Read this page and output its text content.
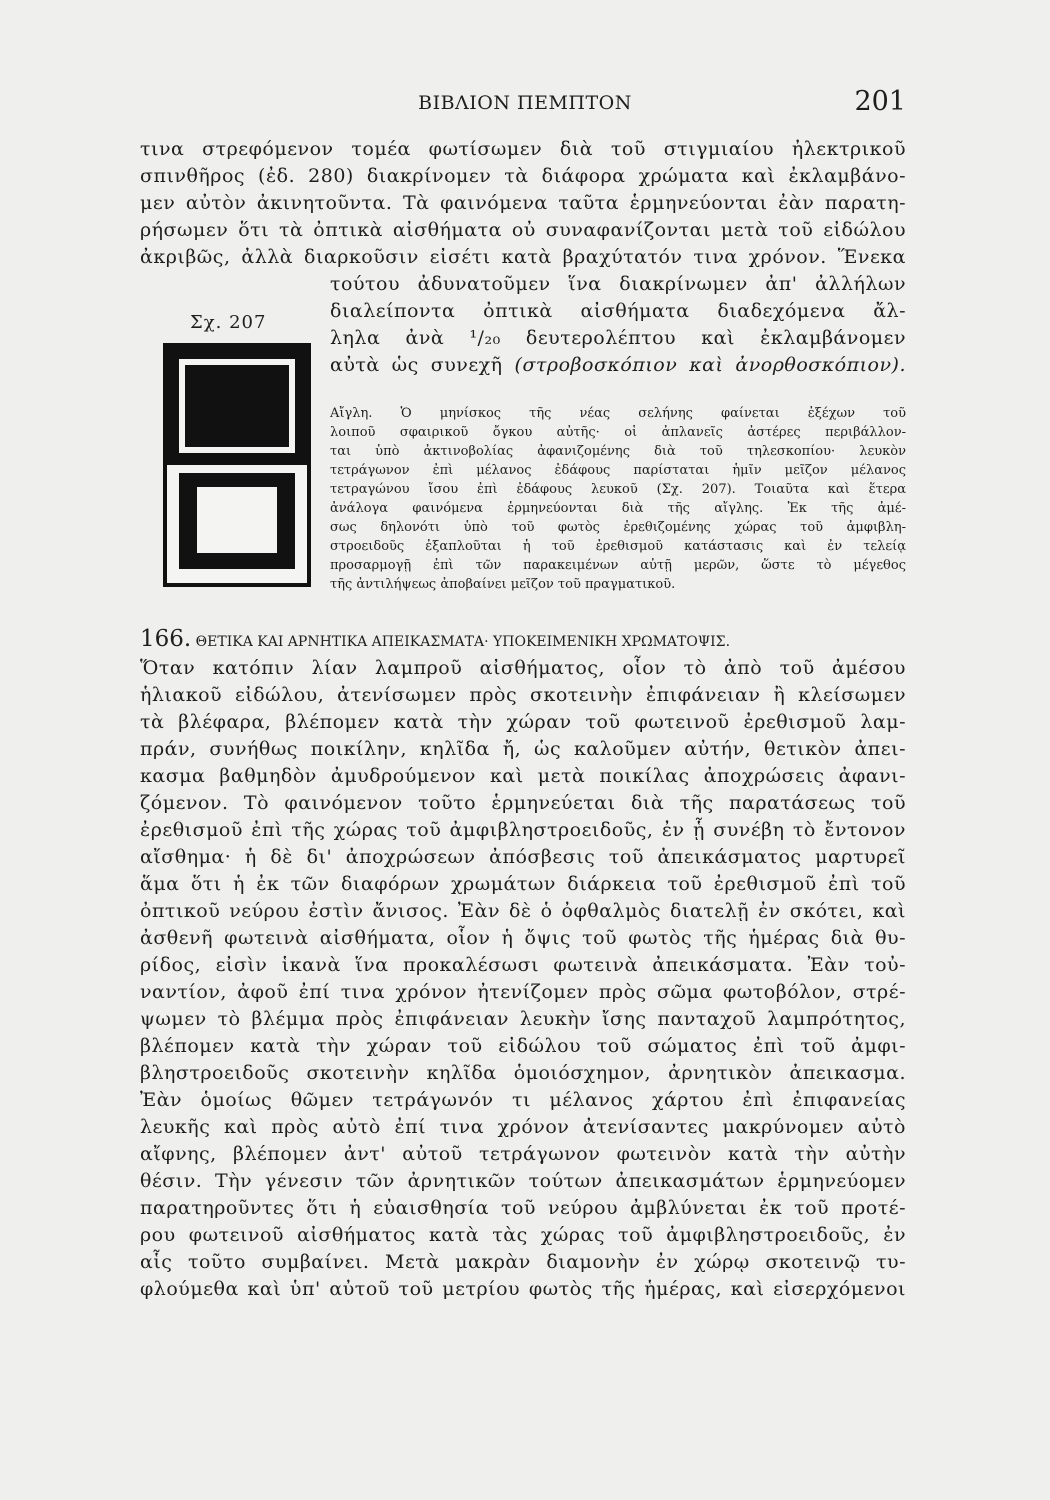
ΒΙΒΛΙΟΝ ΠΕΜΠΤΟΝ	201
τινα στρεφόμενον τομέα φωτίσωμεν διὰ τοῦ στιγμιαίου ἠλεκτρικοῦ
σπινθῆρος (ἐδ. 280) διακρίνομεν τὰ διάφορα χρώματα καὶ ἐκλαμβάνο-
μεν αὐτὸν ἀκινητοῦντα. Τὰ φαινόμενα ταῦτα ἑρμηνεύονται ἐὰν παρατη-
ρήσωμεν ὅτι τὰ ὀπτικὰ αἰσθήματα οὐ συναφανίζονται μετὰ τοῦ εἰδώλου
ἀκριβῶς, ἀλλὰ διαρκοῦσιν εἰσέτι κατὰ βραχύτατόν τινα χρόνον. Ἕνεκα
τούτου ἀδυνατοῦμεν ἵνα διακρίνωμεν ἀπ' ἀλλήλων
διαλείποντα ὀπτικὰ αἰσθήματα διαδεχόμενα ἄλ-
ληλα ἀνὰ ¹/₂₀ δευτερολέπτου καὶ ἐκλαμβάνομεν
αὐτὰ ὡς συνεχῆ (στροβοσκόπιον καὶ ἀνορθοσκόπιον).
Σχ. 207
Αἴγλη. Ὁ μηνίσκος τῆς νέας σελήνης φαίνεται ἐξέχων τοῦ
λοιποῦ σφαιρικοῦ ὄγκου αὐτῆς· οἱ ἀπλανεῖς ἀστέρες περιβάλλον-
ται ὑπὸ ἀκτινοβολίας ἀφανιζομένης διὰ τοῦ τηλεσκοπίου· λευκὸν
τετράγωνον ἐπὶ μέλανος ἐδάφους παρίσταται ἡμῖν μεῖζον μέλανος
τετραγώνου ἴσου ἐπὶ ἐδάφους λευκοῦ (Σχ. 207). Τοιαῦτα καὶ ἕτερα
ἀνάλογα φαινόμενα ἑρμηνεύονται διὰ τῆς αἴγλης. Ἐκ τῆς ἀμέ-
σως δηλονότι ὑπὸ τοῦ φωτὸς ἐρεθιζομένης χώρας τοῦ ἀμφιβλη-
στροειδοῦς ἐξαπλοῦται ἡ τοῦ ἐρεθισμοῦ κατάστασις καὶ ἐν τελείᾳ
προσαρμογῇ ἐπὶ τῶν παρακειμένων αὐτῇ μερῶν, ὥστε τὸ μέγεθος
τῆς ἀντιλήψεως ἀποβαίνει μεῖζον τοῦ πραγματικοῦ.
166. ΘΕΤΙΚΑ ΚΑΙ ΑΡΝΗΤΙΚΑ ΑΠΕΙΚΑΣΜΑΤΑ· ΥΠΟΚΕΙΜΕΝΙΚΗ ΧΡΩΜΑΤΟΨΙΣ.
Ὅταν κατόπιν λίαν λαμπροῦ αἰσθήματος, οἷον τὸ ἀπὸ τοῦ ἀμέσου
ἡλιακοῦ εἰδώλου, ἀτενίσωμεν πρὸς σκοτεινὴν ἐπιφάνειαν ἢ κλείσωμεν
τὰ βλέφαρα, βλέπομεν κατὰ τὴν χώραν τοῦ φωτεινοῦ ἐρεθισμοῦ λαμ-
πράν, συνήθως ποικίλην, κηλῖδα ἤ, ὡς καλοῦμεν αὐτήν, θετικὸν ἀπει-
κασμα βαθμηδὸν ἀμυδρούμενον καὶ μετὰ ποικίλας ἀποχρώσεις ἀφανι-
ζόμενον. Τὸ φαινόμενον τοῦτο ἑρμηνεύεται διὰ τῆς παρατάσεως τοῦ
ἐρεθισμοῦ ἐπὶ τῆς χώρας τοῦ ἀμφιβληστροειδοῦς, ἐν ᾗ συνέβη τὸ ἔντονον
αἴσθημα· ἡ δὲ δι' ἀποχρώσεων ἀπόσβεσις τοῦ ἀπεικάσματος μαρτυρεῖ
ἅμα ὅτι ἡ ἐκ τῶν διαφόρων χρωμάτων διάρκεια τοῦ ἐρεθισμοῦ ἐπὶ τοῦ
ὀπτικοῦ νεύρου ἐστὶν ἄνισος. Ἐὰν δὲ ὁ ὀφθαλμὸς διατελῇ ἐν σκότει, καὶ
ἀσθενῆ φωτεινὰ αἰσθήματα, οἷον ἡ ὄψις τοῦ φωτὸς τῆς ἡμέρας διὰ θυ-
ρίδος, εἰσὶν ἱκανὰ ἵνα προκαλέσωσι φωτεινὰ ἀπεικάσματα. Ἐὰν τοὐ-
ναντίον, ἀφοῦ ἐπί τινα χρόνον ἠτενίζομεν πρὸς σῶμα φωτοβόλον, στρέ-
ψωμεν τὸ βλέμμα πρὸς ἐπιφάνειαν λευκὴν ἴσης πανταχοῦ λαμπρότητος,
βλέπομεν κατὰ τὴν χώραν τοῦ εἰδώλου τοῦ σώματος ἐπὶ τοῦ ἀμφι-
βληστροειδοῦς σκοτεινὴν κηλῖδα ὁμοιόσχημον, ἀρνητικὸν ἀπεικασμα.
Ἐὰν ὁμοίως θῶμεν τετράγωνόν τι μέλανος χάρτου ἐπὶ ἐπιφανείας
λευκῆς καὶ πρὸς αὐτὸ ἐπί τινα χρόνον ἀτενίσαντες μακρύνομεν αὐτὸ
αἴφνης, βλέπομεν ἀντ' αὐτοῦ τετράγωνον φωτεινὸν κατὰ τὴν αὐτὴν
θέσιν. Τὴν γένεσιν τῶν ἀρνητικῶν τούτων ἀπεικασμάτων ἑρμηνεύομεν
παρατηροῦντες ὅτι ἡ εὐαισθησία τοῦ νεύρου ἀμβλύνεται ἐκ τοῦ προτέ-
ρου φωτεινοῦ αἰσθήματος κατὰ τὰς χώρας τοῦ ἀμφιβληστροειδοῦς, ἐν
αἷς τοῦτο συμβαίνει. Μετὰ μακρὰν διαμονὴν ἐν χώρῳ σκοτεινῷ τυ-
φλούμεθα καὶ ὑπ' αὐτοῦ τοῦ μετρίου φωτὸς τῆς ἡμέρας, καὶ εἰσερχόμενοι
